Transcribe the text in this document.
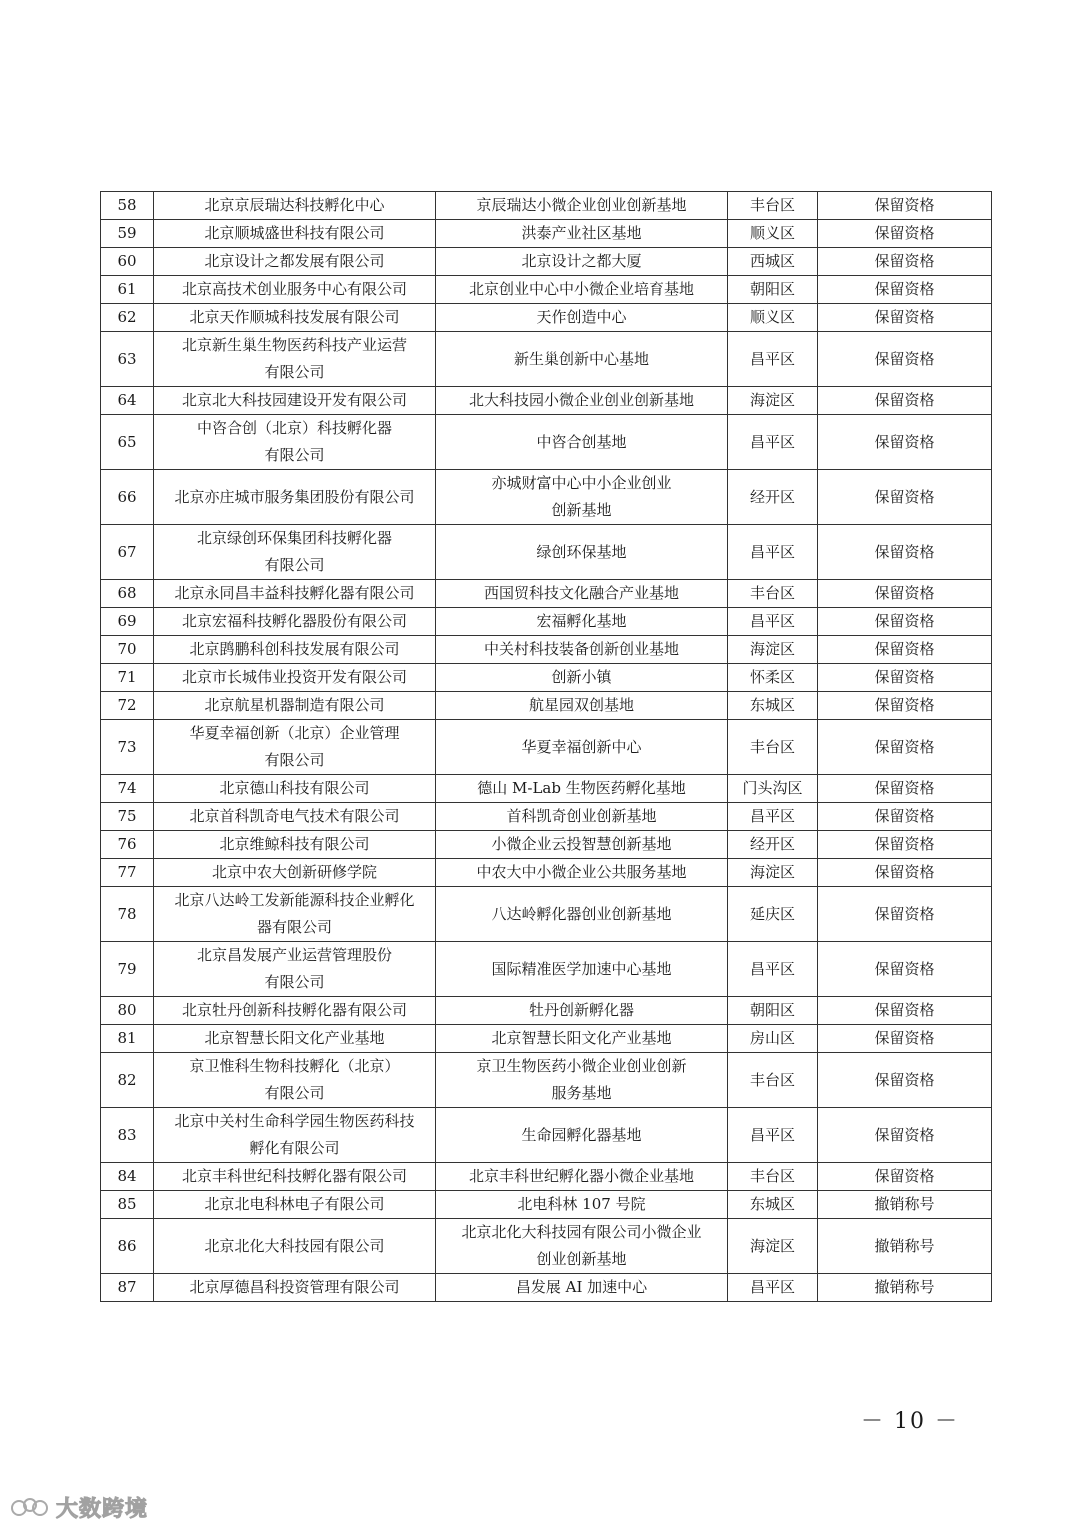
58	北京京辰瑞达科技孵化中心	京辰瑞达小微企业创业创新基地	丰台区	保留资格
59	北京顺城盛世科技有限公司	洪泰产业社区基地	顺义区	保留资格
60	北京设计之都发展有限公司	北京设计之都大厦	西城区	保留资格
61	北京高技术创业服务中心有限公司	北京创业中心中小微企业培育基地	朝阳区	保留资格
62	北京天作顺城科技发展有限公司	天作创造中心	顺义区	保留资格
63	北京新生巢生物医药科技产业运营
有限公司	新生巢创新中心基地	昌平区	保留资格
64	北京北大科技园建设开发有限公司	北大科技园小微企业创业创新基地	海淀区	保留资格
65	中咨合创（北京）科技孵化器
有限公司	中咨合创基地	昌平区	保留资格
66	北京亦庄城市服务集团股份有限公司	亦城财富中心中小企业创业
创新基地	经开区	保留资格
67	北京绿创环保集团科技孵化器
有限公司	绿创环保基地	昌平区	保留资格
68	北京永同昌丰益科技孵化器有限公司	西国贸科技文化融合产业基地	丰台区	保留资格
69	北京宏福科技孵化器股份有限公司	宏福孵化基地	昌平区	保留资格
70	北京鹍鹏科创科技发展有限公司	中关村科技装备创新创业基地	海淀区	保留资格
71	北京市长城伟业投资开发有限公司	创新小镇	怀柔区	保留资格
72	北京航星机器制造有限公司	航星园双创基地	东城区	保留资格
73	华夏幸福创新（北京）企业管理
有限公司	华夏幸福创新中心	丰台区	保留资格
74	北京德山科技有限公司	德山 M-Lab 生物医药孵化基地	门头沟区	保留资格
75	北京首科凯奇电气技术有限公司	首科凯奇创业创新基地	昌平区	保留资格
76	北京维鲸科技有限公司	小微企业云投智慧创新基地	经开区	保留资格
77	北京中农大创新研修学院	中农大中小微企业公共服务基地	海淀区	保留资格
78	北京八达岭工发新能源科技企业孵化
器有限公司	八达岭孵化器创业创新基地	延庆区	保留资格
79	北京昌发展产业运营管理股份
有限公司	国际精准医学加速中心基地	昌平区	保留资格
80	北京牡丹创新科技孵化器有限公司	牡丹创新孵化器	朝阳区	保留资格
81	北京智慧长阳文化产业基地	北京智慧长阳文化产业基地	房山区	保留资格
82	京卫惟科生物科技孵化（北京）
有限公司	京卫生物医药小微企业创业创新
服务基地	丰台区	保留资格
83	北京中关村生命科学园生物医药科技
孵化有限公司	生命园孵化器基地	昌平区	保留资格
84	北京丰科世纪科技孵化器有限公司	北京丰科世纪孵化器小微企业基地	丰台区	保留资格
85	北京北电科林电子有限公司	北电科林 107 号院	东城区	撤销称号
86	北京北化大科技园有限公司	北京北化大科技园有限公司小微企业
创业创新基地	海淀区	撤销称号
87	北京厚德昌科投资管理有限公司	昌发展 AI 加速中心	昌平区	撤销称号
－ 10 －
大数跨境
